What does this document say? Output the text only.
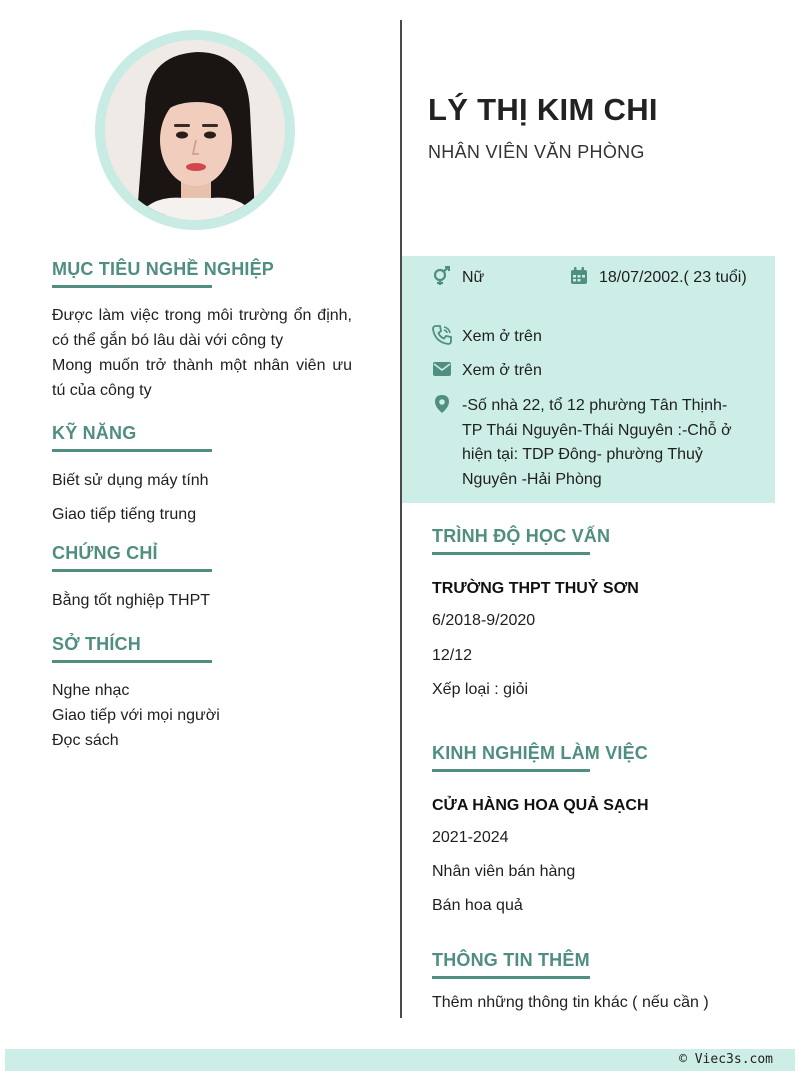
MỤC TIÊU NGHỀ NGHIỆP
Được làm việc trong môi trường ổn định, có thể gắn bó lâu dài với công ty
Mong muốn trở thành một nhân viên ưu tú của công ty
KỸ NĂNG
Biết sử dụng máy tính
Giao tiếp tiếng trung
CHỨNG CHỈ
Bằng tốt nghiệp THPT
SỞ THÍCH
Nghe nhạc
Giao tiếp với mọi người
Đọc sách
LÝ THỊ KIM CHI
NHÂN VIÊN VĂN PHÒNG
Nữ	18/07/2002.( 23 tuổi)
Xem ở trên
Xem ở trên
-Số nhà 22, tổ 12 phường Tân Thịnh-TP Thái Nguyên-Thái Nguyên :-Chỗ ở hiện tại: TDP Đông- phường Thuỷ Nguyên -Hải Phòng
TRÌNH ĐỘ HỌC VẤN
TRƯỜNG THPT THUỶ SƠN
6/2018-9/2020
12/12
Xếp loại : giỏi
KINH NGHIỆM LÀM VIỆC
CỬA HÀNG HOA QUẢ SẠCH
2021-2024
Nhân viên bán hàng
Bán hoa quả
THÔNG TIN THÊM
Thêm những thông tin khác ( nếu cần )
© Viec3s.com
